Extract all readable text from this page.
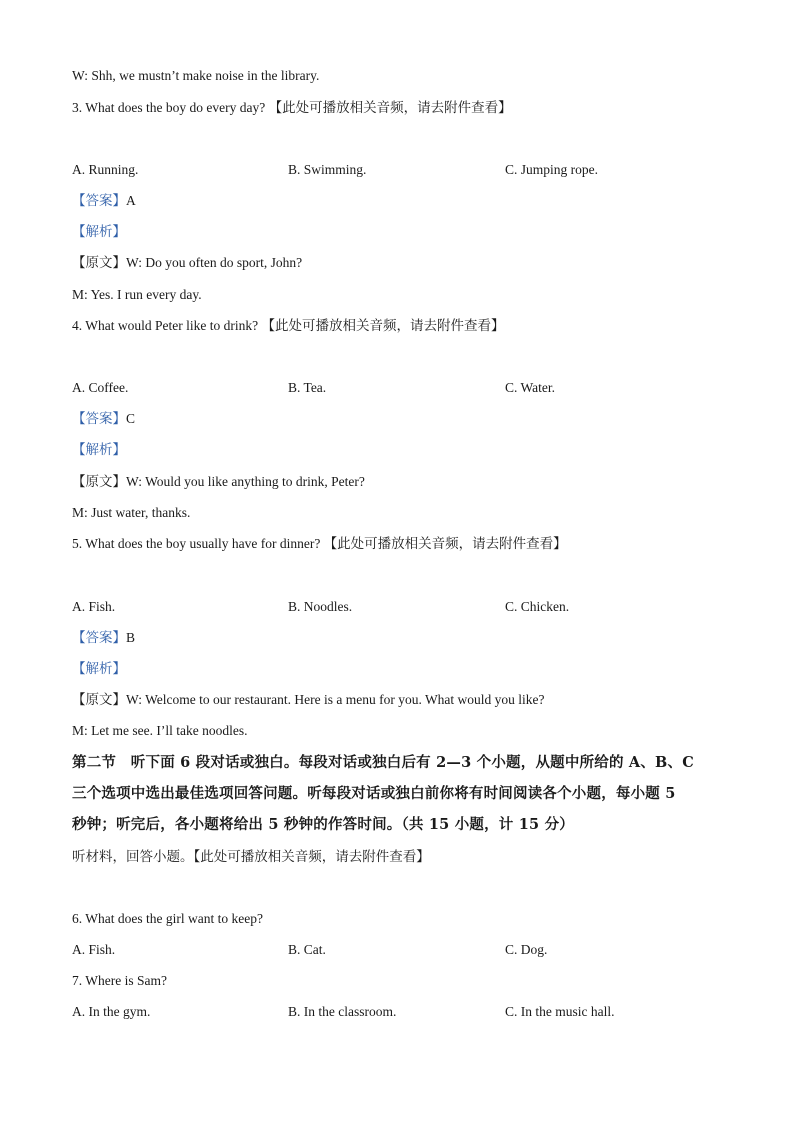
W: Shh, we mustn’t make noise in the library.
3. What does the boy do every day? 【此处可播放相关音频，请去附件查看】
A. Running.	B. Swimming.	C. Jumping rope.
【答案】A
【解析】
【原文】W: Do you often do sport, John?
M: Yes. I run every day.
4. What would Peter like to drink? 【此处可播放相关音频，请去附件查看】
A. Coffee.	B. Tea.	C. Water.
【答案】C
【解析】
【原文】W: Would you like anything to drink, Peter?
M: Just water, thanks.
5. What does the boy usually have for dinner? 【此处可播放相关音频，请去附件查看】
A. Fish.	B. Noodles.	C. Chicken.
【答案】B
【解析】
【原文】W: Welcome to our restaurant. Here is a menu for you. What would you like?
M: Let me see. I’ll take noodles.
第二节　听下面 6 段对话或独白。每段对话或独白后有 2—3 个小题，从题中所给的 A、B、C
三个选项中选出最佳选项回答问题。听每段对话或独白前你将有时间阅读各个小题，每小题 5
秒钟；听完后，各小题将给出 5 秒钟的作答时间。（共 15 小题，计 15 分）
听材料，回答小题。【此处可播放相关音频，请去附件查看】
6. What does the girl want to keep?
A. Fish.	B. Cat.	C. Dog.
7. Where is Sam?
A. In the gym.	B. In the classroom.	C. In the music hall.
